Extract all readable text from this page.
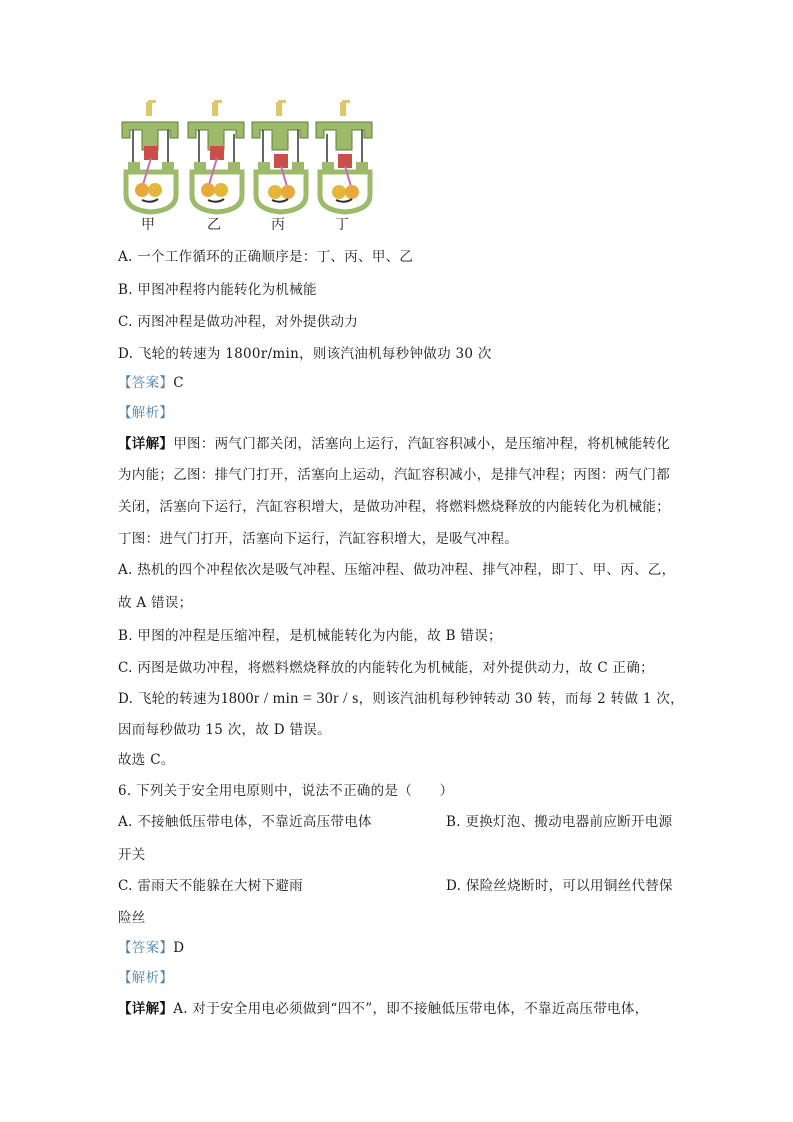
甲	乙	丙	丁
A. 一个工作循环的正确顺序是：丁、丙、甲、乙
B. 甲图冲程将内能转化为机械能
C. 丙图冲程是做功冲程，对外提供动力
D. 飞轮的转速为 1800r/min，则该汽油机每秒钟做功 30 次
【答案】C
【解析】
【详解】甲图：两气门都关闭，活塞向上运行，汽缸容积减小，是压缩冲程，将机械能转化
为内能；乙图：排气门打开，活塞向上运动，汽缸容积减小，是排气冲程；丙图：两气门都
关闭，活塞向下运行，汽缸容积增大，是做功冲程，将燃料燃烧释放的内能转化为机械能；
丁图：进气门打开，活塞向下运行，汽缸容积增大，是吸气冲程。
A. 热机的四个冲程依次是吸气冲程、压缩冲程、做功冲程、排气冲程，即丁、甲、丙、乙，
故 A 错误；
B. 甲图的冲程是压缩冲程，是机械能转化为内能，故 B 错误；
C. 丙图是做功冲程，将燃料燃烧释放的内能转化为机械能，对外提供动力，故 C 正确；
D. 飞轮的转速为1800r / min = 30r / s，则该汽油机每秒钟转动 30 转，而每 2 转做 1 次，
因而每秒做功 15 次，故 D 错误。
故选 C。
6. 下列关于安全用电原则中，说法不正确的是（　　）
A. 不接触低压带电体，不靠近高压带电体	B. 更换灯泡、搬动电器前应断开电源
开关
C. 雷雨天不能躲在大树下避雨	D. 保险丝烧断时，可以用铜丝代替保
险丝
【答案】D
【解析】
【详解】A. 对于安全用电必须做到“四不”，即不接触低压带电体，不靠近高压带电体，
